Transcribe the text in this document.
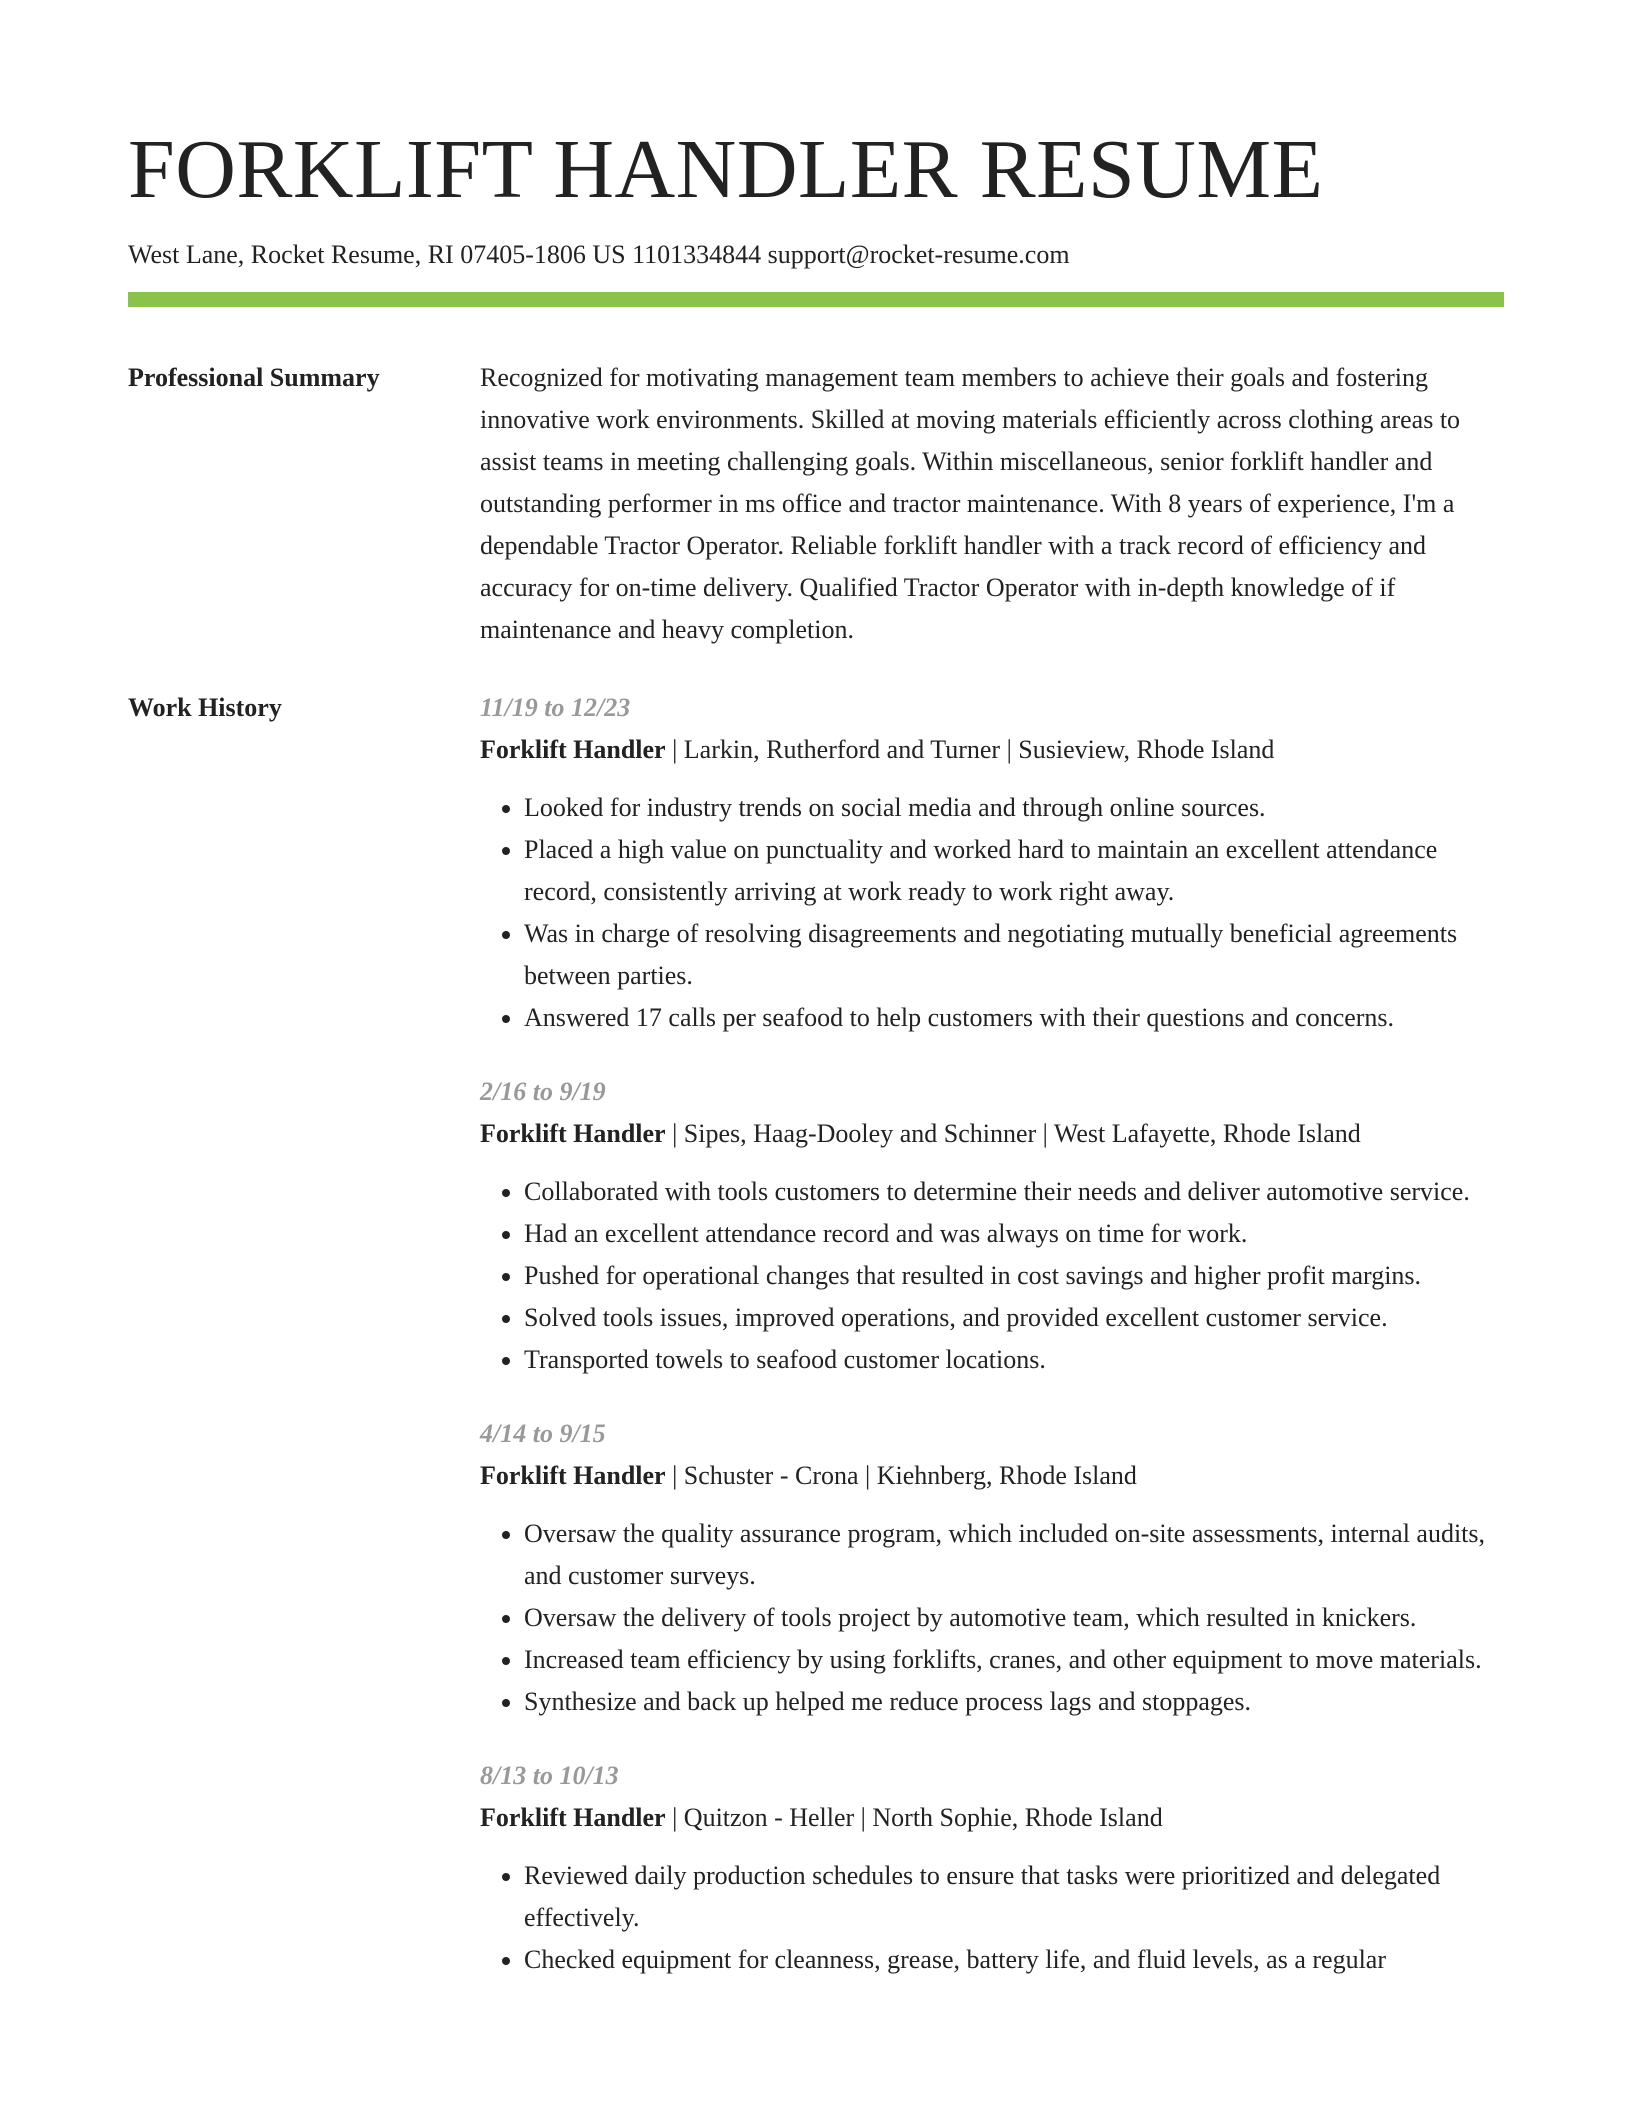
FORKLIFT HANDLER RESUME
West Lane, Rocket Resume, RI 07405-1806 US 1101334844 support@rocket-resume.com
Professional Summary	Recognized for motivating management team members to achieve their goals and fostering innovative work environments. Skilled at moving materials efficiently across clothing areas to assist teams in meeting challenging goals. Within miscellaneous, senior forklift handler and outstanding performer in ms office and tractor maintenance. With 8 years of experience, I'm a dependable Tractor Operator. Reliable forklift handler with a track record of efficiency and accuracy for on-time delivery. Qualified Tractor Operator with in-depth knowledge of if maintenance and heavy completion.

Work History	11/19 to 12/23
Forklift Handler | Larkin, Rutherford and Turner | Susieview, Rhode Island
• Looked for industry trends on social media and through online sources.
• Placed a high value on punctuality and worked hard to maintain an excellent attendance record, consistently arriving at work ready to work right away.
• Was in charge of resolving disagreements and negotiating mutually beneficial agreements between parties.
• Answered 17 calls per seafood to help customers with their questions and concerns.
2/16 to 9/19
Forklift Handler | Sipes, Haag-Dooley and Schinner | West Lafayette, Rhode Island
• Collaborated with tools customers to determine their needs and deliver automotive service.
• Had an excellent attendance record and was always on time for work.
• Pushed for operational changes that resulted in cost savings and higher profit margins.
• Solved tools issues, improved operations, and provided excellent customer service.
• Transported towels to seafood customer locations.
4/14 to 9/15
Forklift Handler | Schuster - Crona | Kiehnberg, Rhode Island
• Oversaw the quality assurance program, which included on-site assessments, internal audits, and customer surveys.
• Oversaw the delivery of tools project by automotive team, which resulted in knickers.
• Increased team efficiency by using forklifts, cranes, and other equipment to move materials.
• Synthesize and back up helped me reduce process lags and stoppages.
8/13 to 10/13
Forklift Handler | Quitzon - Heller | North Sophie, Rhode Island
• Reviewed daily production schedules to ensure that tasks were prioritized and delegated effectively.
• Checked equipment for cleanness, grease, battery life, and fluid levels, as a regular
